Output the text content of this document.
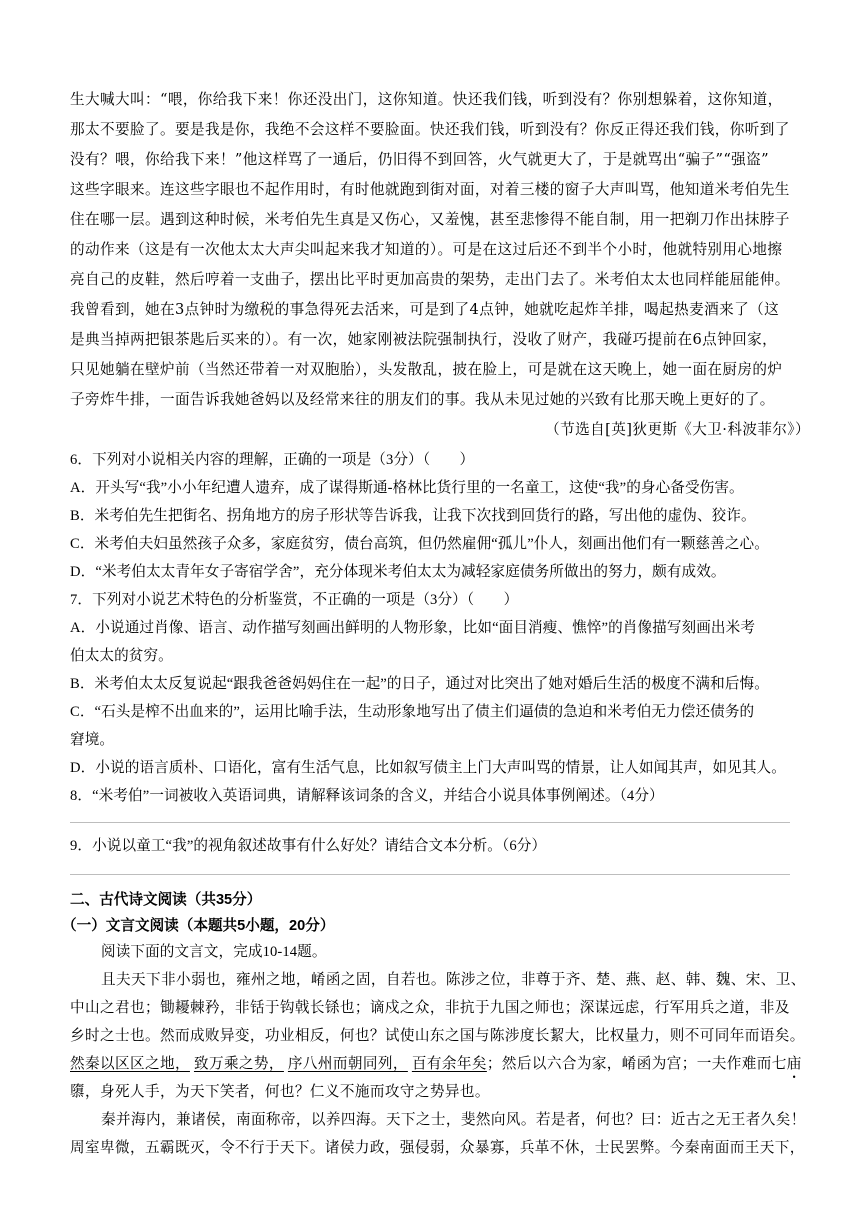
生大喊大叫：“喂，你给我下来！你还没出门，这你知道。快还我们钱，听到没有？你别想躲着，这你知道，
那太不要脸了。要是我是你，我绝不会这样不要脸面。快还我们钱，听到没有？你反正得还我们钱，你听到了
没有？喂，你给我下来！”他这样骂了一通后，仍旧得不到回答，火气就更大了，于是就骂出“骗子”“强盗”
这些字眼来。连这些字眼也不起作用时，有时他就跑到街对面，对着三楼的窗子大声叫骂，他知道米考伯先生
住在哪一层。遇到这种时候，米考伯先生真是又伤心，又羞愧，甚至悲惨得不能自制，用一把剃刀作出抹脖子
的动作来（这是有一次他太太大声尖叫起来我才知道的）。可是在这过后还不到半个小时，他就特别用心地擦
亮自己的皮鞋，然后哼着一支曲子，摆出比平时更加高贵的架势，走出门去了。米考伯太太也同样能屈能伸。
我曾看到，她在3点钟时为缴税的事急得死去活来，可是到了4点钟，她就吃起炸羊排，喝起热麦酒来了（这
是典当掉两把银茶匙后买来的）。有一次，她家刚被法院强制执行，没收了财产，我碰巧提前在6点钟回家，
只见她躺在壁炉前（当然还带着一对双胞胎），头发散乱，披在脸上，可是就在这天晚上，她一面在厨房的炉
子旁炸牛排，一面告诉我她爸妈以及经常来往的朋友们的事。我从未见过她的兴致有比那天晚上更好的了。
（节选自[英]狄更斯《大卫·科波菲尔》）
6．下列对小说相关内容的理解，正确的一项是（3分）（　　）
A．开头写“我”小小年纪遭人遗弃，成了谋得斯通-格林比货行里的一名童工，这使“我”的身心备受伤害。
B．米考伯先生把街名、拐角地方的房子形状等告诉我，让我下次找到回货行的路，写出他的虚伪、狡诈。
C．米考伯夫妇虽然孩子众多，家庭贫穷，债台高筑，但仍然雇佣“孤儿”仆人，刻画出他们有一颗慈善之心。
D．“米考伯太太青年女子寄宿学舍”，充分体现米考伯太太为减轻家庭债务所做出的努力，颇有成效。
7．下列对小说艺术特色的分析鉴赏，不正确的一项是（3分）（　　）
A．小说通过肖像、语言、动作描写刻画出鲜明的人物形象，比如“面目消瘦、憔悴”的肖像描写刻画出米考
伯太太的贫穷。
B．米考伯太太反复说起“跟我爸爸妈妈住在一起”的日子，通过对比突出了她对婚后生活的极度不满和后悔。
C．“石头是榨不出血来的”，运用比喻手法，生动形象地写出了债主们逼债的急迫和米考伯无力偿还债务的
窘境。
D．小说的语言质朴、口语化，富有生活气息，比如叙写债主上门大声叫骂的情景，让人如闻其声，如见其人。
8．“米考伯”一词被收入英语词典，请解释该词条的含义，并结合小说具体事例阐述。（4分）
9．小说以童工“我”的视角叙述故事有什么好处？请结合文本分析。（6分）
二、古代诗文阅读（共35分）
（一）文言文阅读（本题共5小题，20分）
阅读下面的文言文，完成10-14题。
且夫天下非小弱也，雍州之地，崤函之固，自若也。陈涉之位，非尊于齐、楚、燕、赵、韩、魏、宋、卫、
中山之君也；锄耰棘矜，非铦于钩戟长铩也；谪戍之众，非抗于九国之师也；深谋远虑，行军用兵之道，非及
乡时之士也。然而成败异变，功业相反，何也？试使山东之国与陈涉度长絜大，比权量力，则不可同年而语矣。
然秦以区区之地， 致万乘之势， 序八州而朝同列， 百有余年矣；然后以六合为家，崤函为宫；一夫作难而七庙
隳，身死人手，为天下笑者，何也？仁义不施而攻守之势异也。
秦并海内，兼诸侯，南面称帝，以养四海。天下之士，斐然向风。若是者，何也？曰：近古之无王者久矣！
周室卑微，五霸既灭，令不行于天下。诸侯力政，强侵弱，众暴寡，兵革不休，士民罢弊。今秦南面而王天下，
